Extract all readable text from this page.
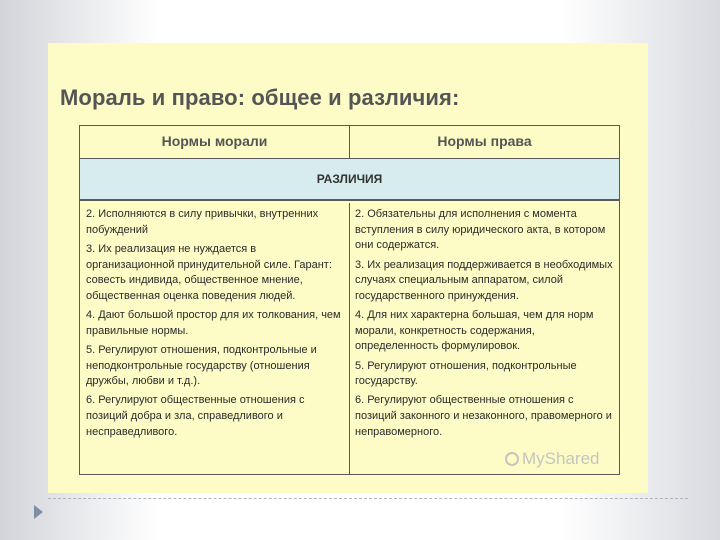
Мораль и право: общее и различия:
Нормы морали	Нормы права
РАЗЛИЧИЯ

2. Исполняются в силу привычки, внутренних побуждений

3. Их реализация не нуждается в организационной принудительной силе. Гарант: совесть индивида, общественное мнение, общественная оценка поведения людей.

4. Дают большой простор для их толкования, чем правильные нормы.

5. Регулируют отношения, подконтрольные и неподконтрольные государству (отношения дружбы, любви и т.д.).

6. Регулируют общественные отношения с позиций добра и зла, справедливого и несправедливого.

2. Обязательны для исполнения с момента вступления в силу юридического акта, в котором они содержатся.

3. Их реализация поддерживается в необходимых случаях специальным аппаратом, силой государственного принуждения.

4. Для них характерна большая, чем для норм морали, конкретность содержания, определенность формулировок.

5. Регулируют отношения, подконтрольные государству.

6. Регулируют общественные отношения с позиций законного и незаконного, правомерного и неправомерного.

MyShared
